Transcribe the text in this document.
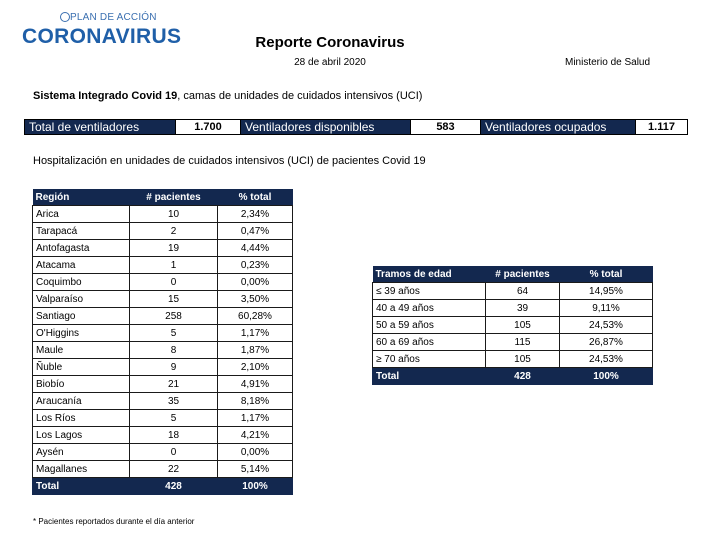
PLAN DE ACCIÓN
CORONAVIRUS	Reporte Coronavirus
28 de abril 2020	Ministerio de Salud
Sistema Integrado Covid 19, camas de unidades de cuidados intensivos (UCI)
Total de ventiladores	1.700	Ventiladores disponibles	583	Ventiladores ocupados	1.117
Hospitalización en unidades de cuidados intensivos (UCI) de pacientes Covid 19
Región	# pacientes	% total
Arica	10	2,34%
Tarapacá	2	0,47%
Antofagasta	19	4,44%
Atacama	1	0,23%
Coquimbo	0	0,00%
Valparaíso	15	3,50%
Santiago	258	60,28%
O'Higgins	5	1,17%
Maule	8	1,87%
Ñuble	9	2,10%
Biobío	21	4,91%
Araucanía	35	8,18%
Los Ríos	5	1,17%
Los Lagos	18	4,21%
Aysén	0	0,00%
Magallanes	22	5,14%
Total	428	100%
Tramos de edad	# pacientes	% total
≤ 39 años	64	14,95%
40 a 49 años	39	9,11%
50 a 59 años	105	24,53%
60 a 69 años	115	26,87%
≥ 70 años	105	24,53%
Total	428	100%
* Pacientes reportados durante el día anterior
